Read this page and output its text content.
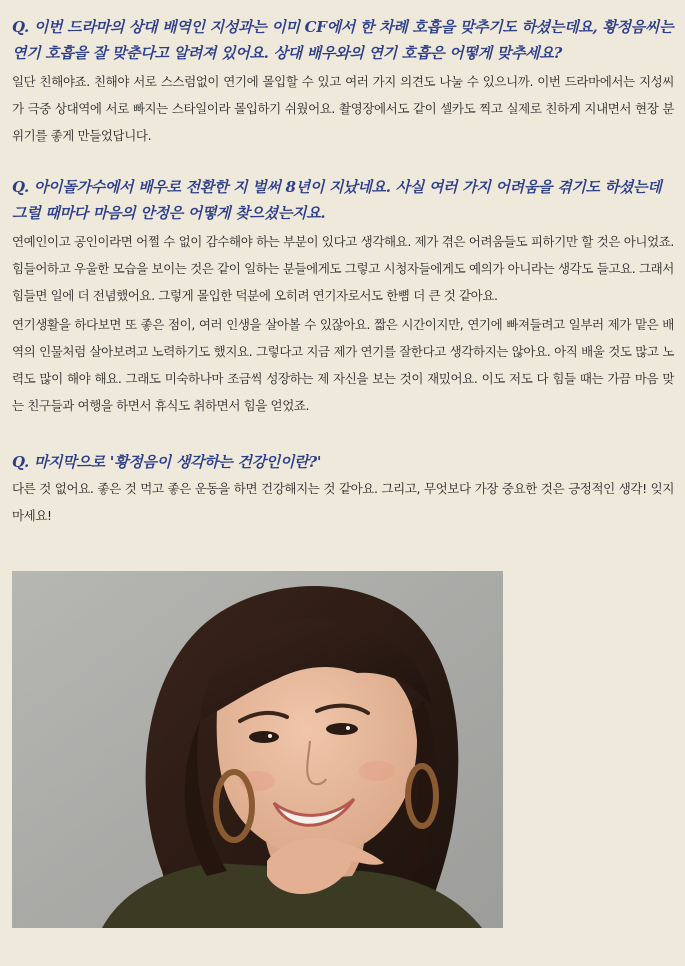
Q. 이번 드라마의 상대 배역인 지성과는 이미 CF에서 한 차례 호흡을 맞추기도 하셨는데요, 황정음씨는 연기 호흡을 잘 맞춘다고 알려져 있어요. 상대 배우와의 연기 호흡은 어떻게 맞추세요?

일단 친해야죠. 친해야 서로 스스럼없이 연기에 몰입할 수 있고 여러 가지 의견도 나눌 수 있으니까. 이번 드라마에서는 지성씨가 극중 상대역에 서로 빠지는 스타일이라 몰입하기 쉬웠어요. 촬영장에서도 같이 셀카도 찍고 실제로 친하게 지내면서 현장 분위기를 좋게 만들었답니다.

Q. 아이돌가수에서 배우로 전환한 지 벌써 8년이 지났네요. 사실 여러 가지 어려움을 겪기도 하셨는데 그럴 때마다 마음의 안정은 어떻게 찾으셨는지요.

연예인이고 공인이라면 어쩔 수 없이 감수해야 하는 부분이 있다고 생각해요. 제가 겪은 어려움들도 피하기만 할 것은 아니었죠. 힘들어하고 우울한 모습을 보이는 것은 같이 일하는 분들에게도 그렇고 시청자들에게도 예의가 아니라는 생각도 들고요. 그래서 힘들면 일에 더 전념했어요. 그렇게 몰입한 덕분에 오히려 연기자로서도 한뼘 더 큰 것 같아요.

연기생활을 하다보면 또 좋은 점이, 여러 인생을 살아볼 수 있잖아요. 짧은 시간이지만, 연기에 빠져들려고 일부러 제가 맡은 배역의 인물처럼 살아보려고 노력하기도 했지요. 그렇다고 지금 제가 연기를 잘한다고 생각하지는 않아요. 아직 배울 것도 많고 노력도 많이 해야 해요. 그래도 미숙하나마 조금씩 성장하는 제 자신을 보는 것이 재밌어요. 이도 저도 다 힘들 때는 가끔 마음 맞는 친구들과 여행을 하면서 휴식도 취하면서 힘을 얻었죠.

Q. 마지막으로 '황정음이 생각하는 건강인이란?'

다른 것 없어요. 좋은 것 먹고 좋은 운동을 하면 건강해지는 것 같아요. 그리고, 무엇보다 가장 중요한 것은 긍정적인 생각! 잊지 마세요!
